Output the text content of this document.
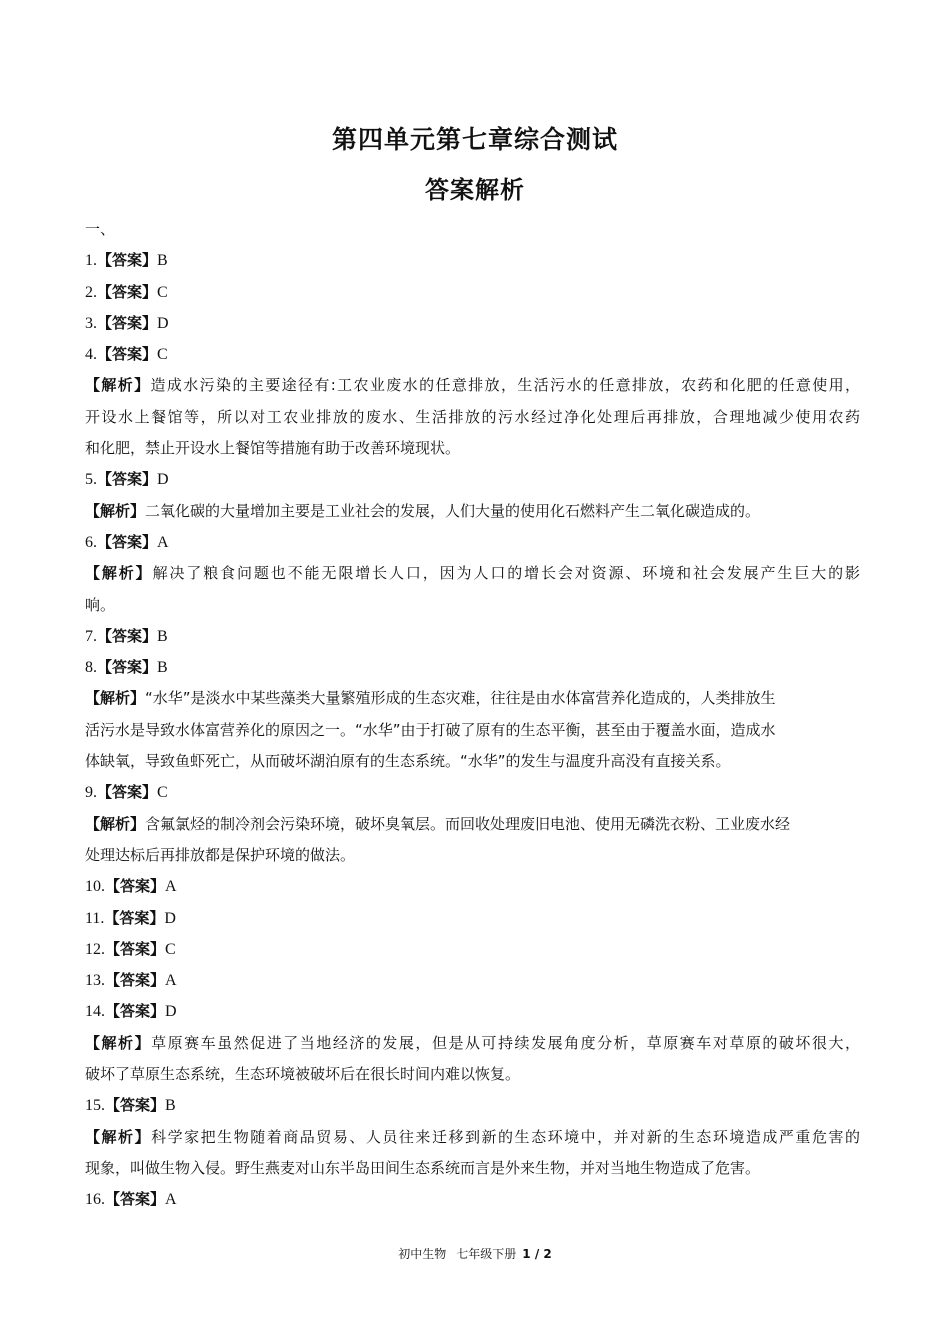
第四单元第七章综合测试
答案解析
一、
1.【答案】B
2.【答案】C
3.【答案】D
4.【答案】C
【解析】造成水污染的主要途径有:工农业废水的任意排放，生活污水的任意排放，农药和化肥的任意使用，
开设水上餐馆等，所以对工农业排放的废水、生活排放的污水经过净化处理后再排放，合理地减少使用农药
和化肥，禁止开设水上餐馆等措施有助于改善环境现状。
5.【答案】D
【解析】二氧化碳的大量增加主要是工业社会的发展，人们大量的使用化石燃料产生二氧化碳造成的。
6.【答案】A
【解析】解决了粮食问题也不能无限增长人口，因为人口的增长会对资源、环境和社会发展产生巨大的影
响。
7.【答案】B
8.【答案】B
【解析】“水华”是淡水中某些藻类大量繁殖形成的生态灾难，往往是由水体富营养化造成的，人类排放生
活污水是导致水体富营养化的原因之一。“水华”由于打破了原有的生态平衡，甚至由于覆盖水面，造成水
体缺氧，导致鱼虾死亡，从而破坏湖泊原有的生态系统。“水华”的发生与温度升高没有直接关系。
9.【答案】C
【解析】含氟氯烃的制冷剂会污染环境，破坏臭氧层。而回收处理废旧电池、使用无磷洗衣粉、工业废水经
处理达标后再排放都是保护环境的做法。
10.【答案】A
11.【答案】D
12.【答案】C
13.【答案】A
14.【答案】D
【解析】草原赛车虽然促进了当地经济的发展，但是从可持续发展角度分析，草原赛车对草原的破坏很大，
破坏了草原生态系统，生态环境被破坏后在很长时间内难以恢复。
15.【答案】B
【解析】科学家把生物随着商品贸易、人员往来迁移到新的生态环境中，并对新的生态环境造成严重危害的
现象，叫做生物入侵。野生燕麦对山东半岛田间生态系统而言是外来生物，并对当地生物造成了危害。
16.【答案】A
初中生物 七年级下册 1 / 2
